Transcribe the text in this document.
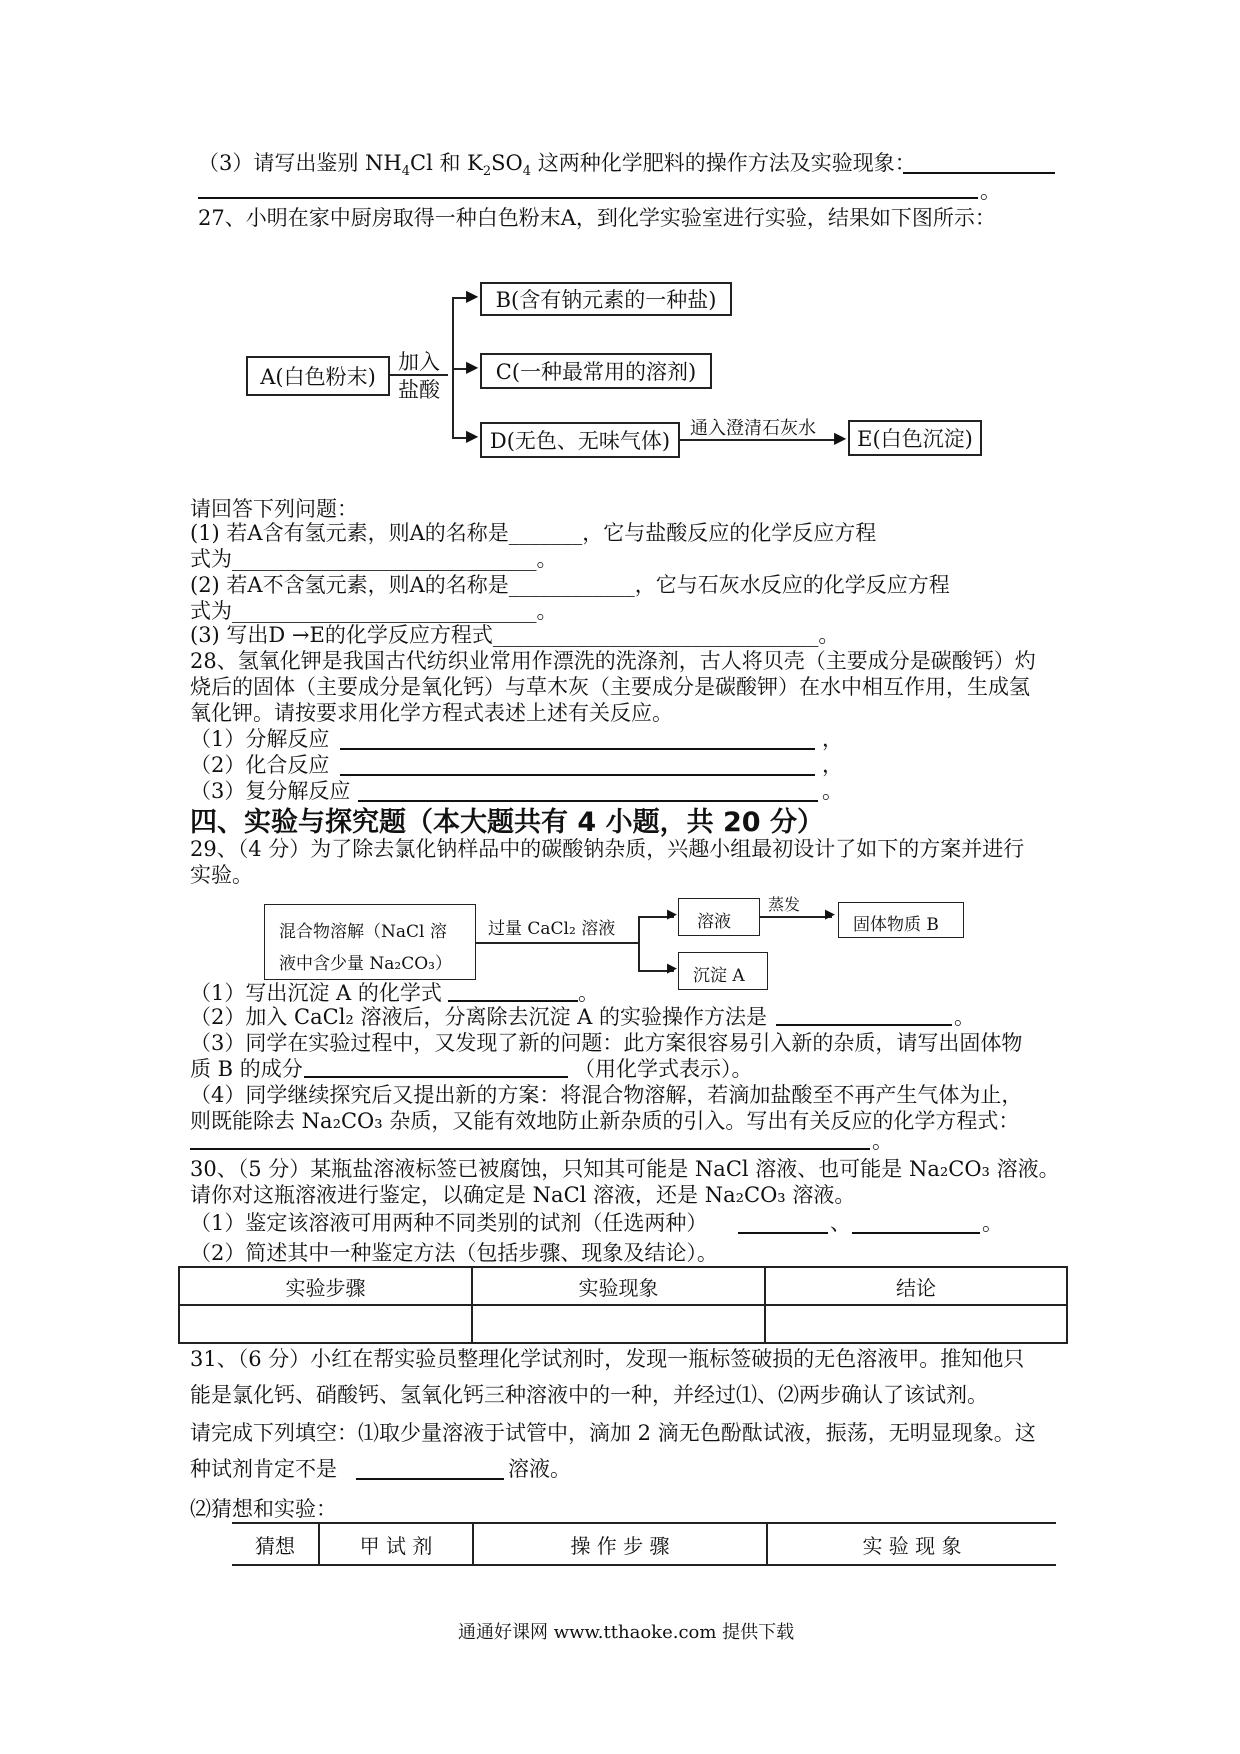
（3）请写出鉴别 $NH_4Cl$ 和 $K_2SO_4$ 这两种化学肥料的操作方法及实验现象：
。
27、小明在家中厨房取得一种白色粉末A，到化学实验室进行实验，结果如下图所示：
A(白色粉末)
加入
盐酸
▶
▶
▶
B(含有钠元素的一种盐)
C(一种最常用的溶剂)
D(无色、无味气体)
通入澄清石灰水 ▶ E(白色沉淀)
请回答下列问题：
(1) 若A含有氢元素，则A的名称是_______，它与盐酸反应的化学反应方程
式为_____________________________。
(2) 若A不含氢元素，则A的名称是____________，它与石灰水反应的化学反应方程
式为_____________________________。
(3) 写出D →E的化学反应方程式_______________________________。
28、氢氧化钾是我国古代纺织业常用作漂洗的洗涤剂，古人将贝壳（主要成分是碳酸钙）灼
烧后的固体（主要成分是氧化钙）与草木灰（主要成分是碳酸钾）在水中相互作用，生成氢
氧化钾。请按要求用化学方程式表述上述有关反应。
（1）分解反应	，
（2）化合反应	，
（3）复分解反应	。
四、实验与探究题（本大题共有 4 小题，共 20 分）
29、（4 分）为了除去氯化钠样品中的碳酸钠杂质，兴趣小组最初设计了如下的方案并进行
实验。
混合物溶解（NaCl 溶
液中含少量 Na₂CO₃）
过量 CaCl₂ 溶液
▶
▶
溶液
蒸发
▶
固体物质 B
沉淀 A
（1）写出沉淀 A 的化学式	。
（2）加入 CaCl₂ 溶液后，分离除去沉淀 A 的实验操作方法是	。
（3）同学在实验过程中，又发现了新的问题：此方案很容易引入新的杂质，请写出固体物
质 B 的成分	（用化学式表示）。
（4）同学继续探究后又提出新的方案：将混合物溶解，若滴加盐酸至不再产生气体为止，
则既能除去 Na₂CO₃ 杂质，又能有效地防止新杂质的引入。写出有关反应的化学方程式：
。
30、（5 分）某瓶盐溶液标签已被腐蚀，只知其可能是 NaCl 溶液、也可能是 Na₂CO₃ 溶液。
请你对这瓶溶液进行鉴定，以确定是 NaCl 溶液，还是 Na₂CO₃ 溶液。
（1）鉴定该溶液可用两种不同类别的试剂（任选两种）	、	。
（2）简述其中一种鉴定方法（包括步骤、现象及结论）。
实验步骤	实验现象	结论

31、（6 分）小红在帮实验员整理化学试剂时，发现一瓶标签破损的无色溶液甲。推知他只
能是氯化钙、硝酸钙、氢氧化钙三种溶液中的一种，并经过⑴、⑵两步确认了该试剂。
请完成下列填空：⑴取少量溶液于试管中，滴加 2 滴无色酚酞试液，振荡，无明显现象。这
种试剂肯定不是	溶液。
⑵猜想和实验：
猜想	甲 试 剂	操 作 步 骤	实 验 现 象
通通好课网 www.tthaoke.com 提供下载
